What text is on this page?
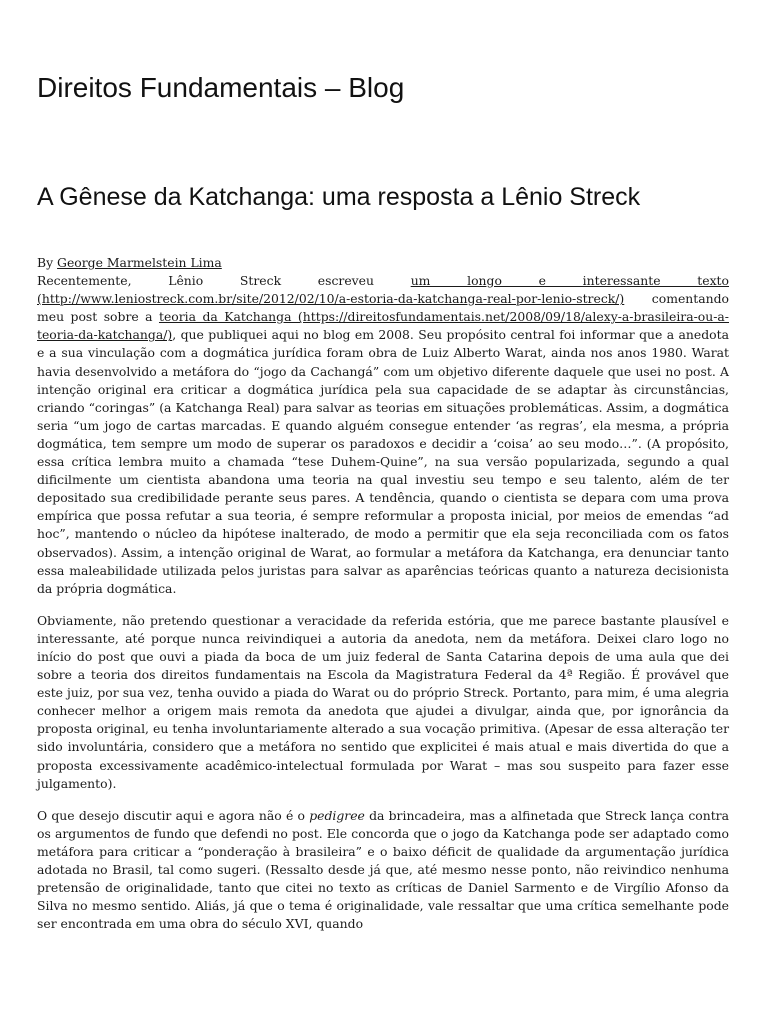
Direitos Fundamentais – Blog
A Gênese da Katchanga: uma resposta a Lênio Streck

By George Marmelstein Lima

Recentemente, Lênio Streck escreveu um longo e interessante texto (http://www.leniostreck.com.br/site/2012/02/10/a-estoria-da-katchanga-real-por-lenio-streck/) comentando meu post sobre a teoria da Katchanga (https://direitosfundamentais.net/2008/09/18/alexy-a-brasileira-ou-a-teoria-da-katchanga/), que publiquei aqui no blog em 2008. Seu propósito central foi informar que a anedota e a sua vinculação com a dogmática jurídica foram obra de Luiz Alberto Warat, ainda nos anos 1980. Warat havia desenvolvido a metáfora do “jogo da Cachangá” com um objetivo diferente daquele que usei no post. A intenção original era criticar a dogmática jurídica pela sua capacidade de se adaptar às circunstâncias, criando “coringas” (a Katchanga Real) para salvar as teorias em situações problemáticas. Assim, a dogmática seria “um jogo de cartas marcadas. E quando alguém consegue entender ‘as regras’, ela mesma, a própria dogmática, tem sempre um modo de superar os paradoxos e decidir a ‘coisa’ ao seu modo…”. (A propósito, essa crítica lembra muito a chamada “tese Duhem-Quine”, na sua versão popularizada, segundo a qual dificilmente um cientista abandona uma teoria na qual investiu seu tempo e seu talento, além de ter depositado sua credibilidade perante seus pares. A tendência, quando o cientista se depara com uma prova empírica que possa refutar a sua teoria, é sempre reformular a proposta inicial, por meios de emendas “ad hoc”, mantendo o núcleo da hipótese inalterado, de modo a permitir que ela seja reconciliada com os fatos observados). Assim, a intenção original de Warat, ao formular a metáfora da Katchanga, era denunciar tanto essa maleabilidade utilizada pelos juristas para salvar as aparências teóricas quanto a natureza decisionista da própria dogmática.

Obviamente, não pretendo questionar a veracidade da referida estória, que me parece bastante plausível e interessante, até porque nunca reivindiquei a autoria da anedota, nem da metáfora. Deixei claro logo no início do post que ouvi a piada da boca de um juiz federal de Santa Catarina depois de uma aula que dei sobre a teoria dos direitos fundamentais na Escola da Magistratura Federal da 4ª Região. É provável que este juiz, por sua vez, tenha ouvido a piada do Warat ou do próprio Streck. Portanto, para mim, é uma alegria conhecer melhor a origem mais remota da anedota que ajudei a divulgar, ainda que, por ignorância da proposta original, eu tenha involuntariamente alterado a sua vocação primitiva. (Apesar de essa alteração ter sido involuntária, considero que a metáfora no sentido que explicitei é mais atual e mais divertida do que a proposta excessivamente acadêmico-intelectual formulada por Warat – mas sou suspeito para fazer esse julgamento).

O que desejo discutir aqui e agora não é o pedigree da brincadeira, mas a alfinetada que Streck lança contra os argumentos de fundo que defendi no post. Ele concorda que o jogo da Katchanga pode ser adaptado como metáfora para criticar a “ponderação à brasileira” e o baixo déficit de qualidade da argumentação jurídica adotada no Brasil, tal como sugeri. (Ressalto desde já que, até mesmo nesse ponto, não reivindico nenhuma pretensão de originalidade, tanto que citei no texto as críticas de Daniel Sarmento e de Virgílio Afonso da Silva no mesmo sentido. Aliás, já que o tema é originalidade, vale ressaltar que uma crítica semelhante pode ser encontrada em uma obra do século XVI, quando
